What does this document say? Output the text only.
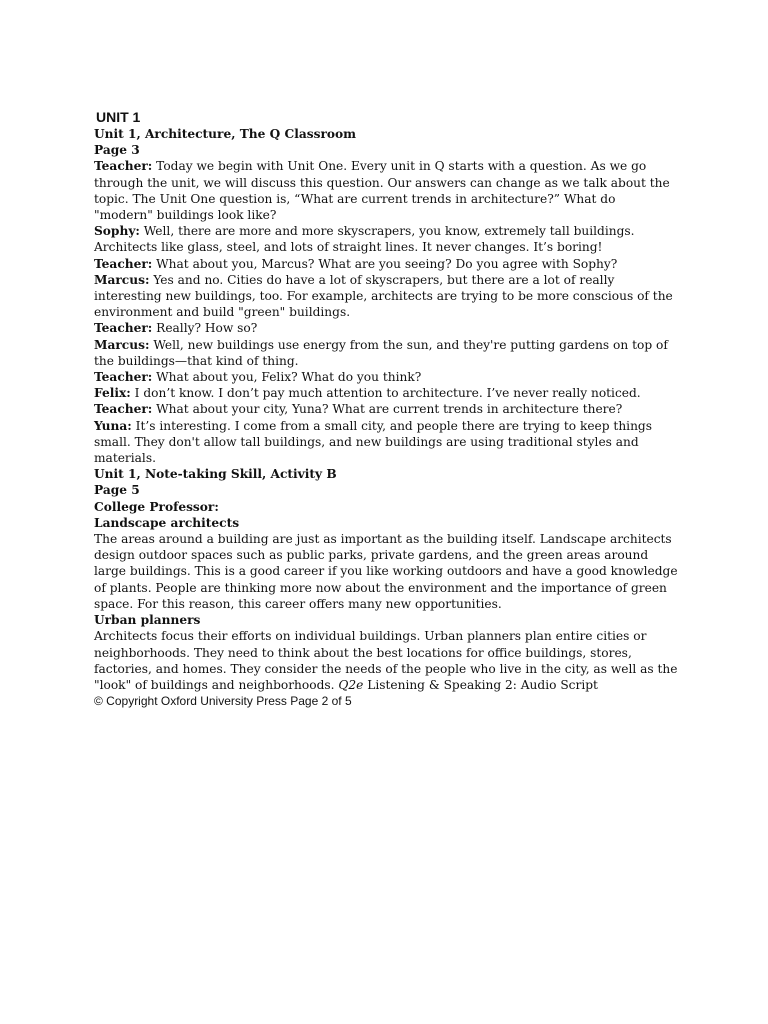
UNIT 1
Unit 1, Architecture, The Q Classroom
Page 3

Teacher: Today we begin with Unit One. Every unit in Q starts with a question. As we go through the unit, we will discuss this question. Our answers can change as we talk about the topic. The Unit One question is, “What are current trends in architecture?” What do "modern" buildings look like?

Sophy: Well, there are more and more skyscrapers, you know, extremely tall buildings. Architects like glass, steel, and lots of straight lines. It never changes. It’s boring!

Teacher: What about you, Marcus? What are you seeing? Do you agree with Sophy?

Marcus: Yes and no. Cities do have a lot of skyscrapers, but there are a lot of really interesting new buildings, too. For example, architects are trying to be more conscious of the environment and build "green" buildings.

Teacher: Really? How so?

Marcus: Well, new buildings use energy from the sun, and they're putting gardens on top of the buildings—that kind of thing.

Teacher: What about you, Felix? What do you think?

Felix: I don’t know. I don’t pay much attention to architecture. I’ve never really noticed.

Teacher: What about your city, Yuna? What are current trends in architecture there?

Yuna: It’s interesting. I come from a small city, and people there are trying to keep things small. They don't allow tall buildings, and new buildings are using traditional styles and materials.

Unit 1, Note-taking Skill, Activity B
Page 5
College Professor:
Landscape architects

The areas around a building are just as important as the building itself. Landscape architects design outdoor spaces such as public parks, private gardens, and the green areas around large buildings. This is a good career if you like working outdoors and have a good knowledge of plants. People are thinking more now about the environment and the importance of green space. For this reason, this career offers many new opportunities.

Urban planners

Architects focus their efforts on individual buildings. Urban planners plan entire cities or neighborhoods. They need to think about the best locations for office buildings, stores, factories, and homes. They consider the needs of the people who live in the city, as well as the "look" of buildings and neighborhoods. Q2e Listening & Speaking 2: Audio Script

© Copyright Oxford University Press Page 2 of 5
